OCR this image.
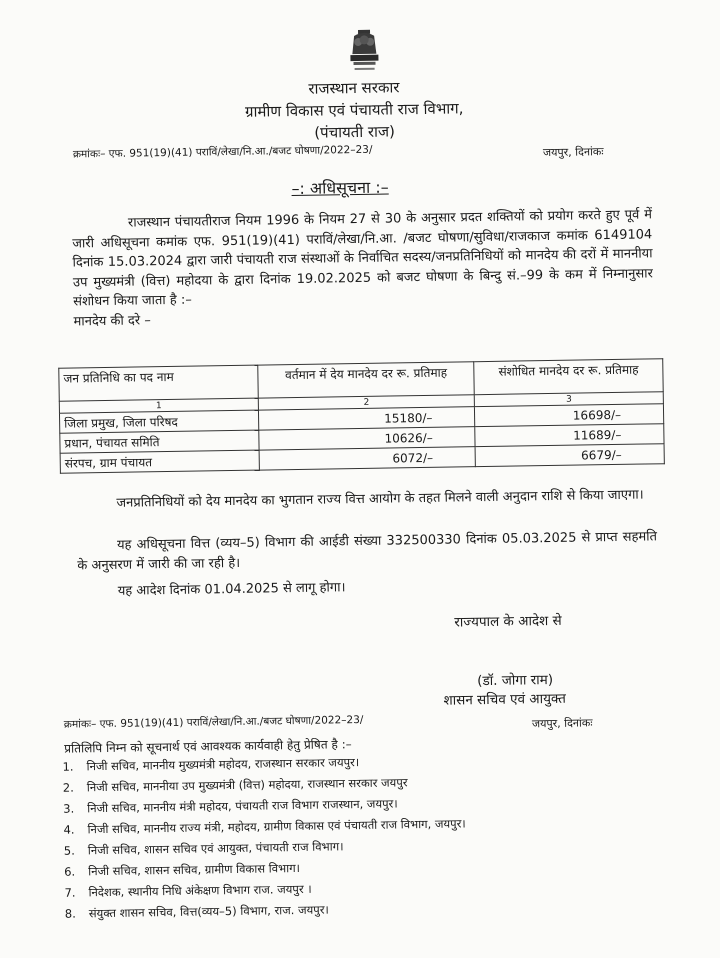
राजस्थान सरकार
ग्रामीण विकास एवं पंचायती राज विभाग,
(पंचायती राज)
क्रमांकः– एफ. 951(19)(41) पराविं/लेखा/नि.आ./बजट घोषणा/2022–23/	जयपुर, दिनांकः
–: अधिसूचना :–
राजस्थान पंचायतीराज नियम 1996 के नियम 27 से 30 के अनुसार प्रदत शक्तियों को प्रयोग करते हुए पूर्व में जारी अधिसूचना कमांक एफ. 951(19)(41) पराविं/लेखा/नि.आ. /बजट घोषणा/सुविधा/राजकाज कमांक 6149104 दिनांक 15.03.2024 द्वारा जारी पंचायती राज संस्थाओं के निर्वाचित सदस्य/जनप्रतिनिधियों को मानदेय की दरों में माननीया उप मुख्यमंत्री (वित्त) महोदया के द्वारा दिनांक 19.02.2025 को बजट घोषणा के बिन्दु सं.–99 के कम में निम्नानुसार संशोधन किया जाता है :–
मानदेय की दरे –
जन प्रतिनिधि का पद नाम	वर्तमान में देय मानदेय दर रू. प्रतिमाह	संशोधित मानदेय दर रू. प्रतिमाह
1	2	3
जिला प्रमुख, जिला परिषद	15180/–	16698/–
प्रधान, पंचायत समिति	10626/–	11689/–
संरपच, ग्राम पंचायत	6072/–	6679/–
जनप्रतिनिधियों को देय मानदेय का भुगतान राज्य वित्त आयोग के तहत मिलने वाली अनुदान राशि से किया जाएगा।
यह अधिसूचना वित्त (व्यय–5) विभाग की आईडी संख्या 332500330 दिनांक 05.03.2025 से प्राप्त सहमति के अनुसरण में जारी की जा रही है।
यह आदेश दिनांक 01.04.2025 से लागू होगा।
राज्यपाल के आदेश से
(डॉ. जोगा राम)
शासन सचिव एवं आयुक्त
क्रमांकः– एफ. 951(19)(41) पराविं/लेखा/नि.आ./बजट घोषणा/2022–23/	जयपुर, दिनांकः
प्रतिलिपि निम्न को सूचनार्थ एवं आवश्यक कार्यवाही हेतु प्रेषित है :–
1. निजी सचिव, माननीय मुख्यमंत्री महोदय, राजस्थान सरकार जयपुर।
2. निजी सचिव, माननीया उप मुख्यमंत्री (वित्त) महोदया, राजस्थान सरकार जयपुर
3. निजी सचिव, माननीय मंत्री महोदय, पंचायती राज विभाग राजस्थान, जयपुर।
4. निजी सचिव, माननीय राज्य मंत्री, महोदय, ग्रामीण विकास एवं पंचायती राज विभाग, जयपुर।
5. निजी सचिव, शासन सचिव एवं आयुक्त, पंचायती राज विभाग।
6. निजी सचिव, शासन सचिव, ग्रामीण विकास विभाग।
7. निदेशक, स्थानीय निधि अंकेक्षण विभाग राज. जयपुर ।
8. संयुक्त शासन सचिव, वित्त(व्यय–5) विभाग, राज. जयपुर।
